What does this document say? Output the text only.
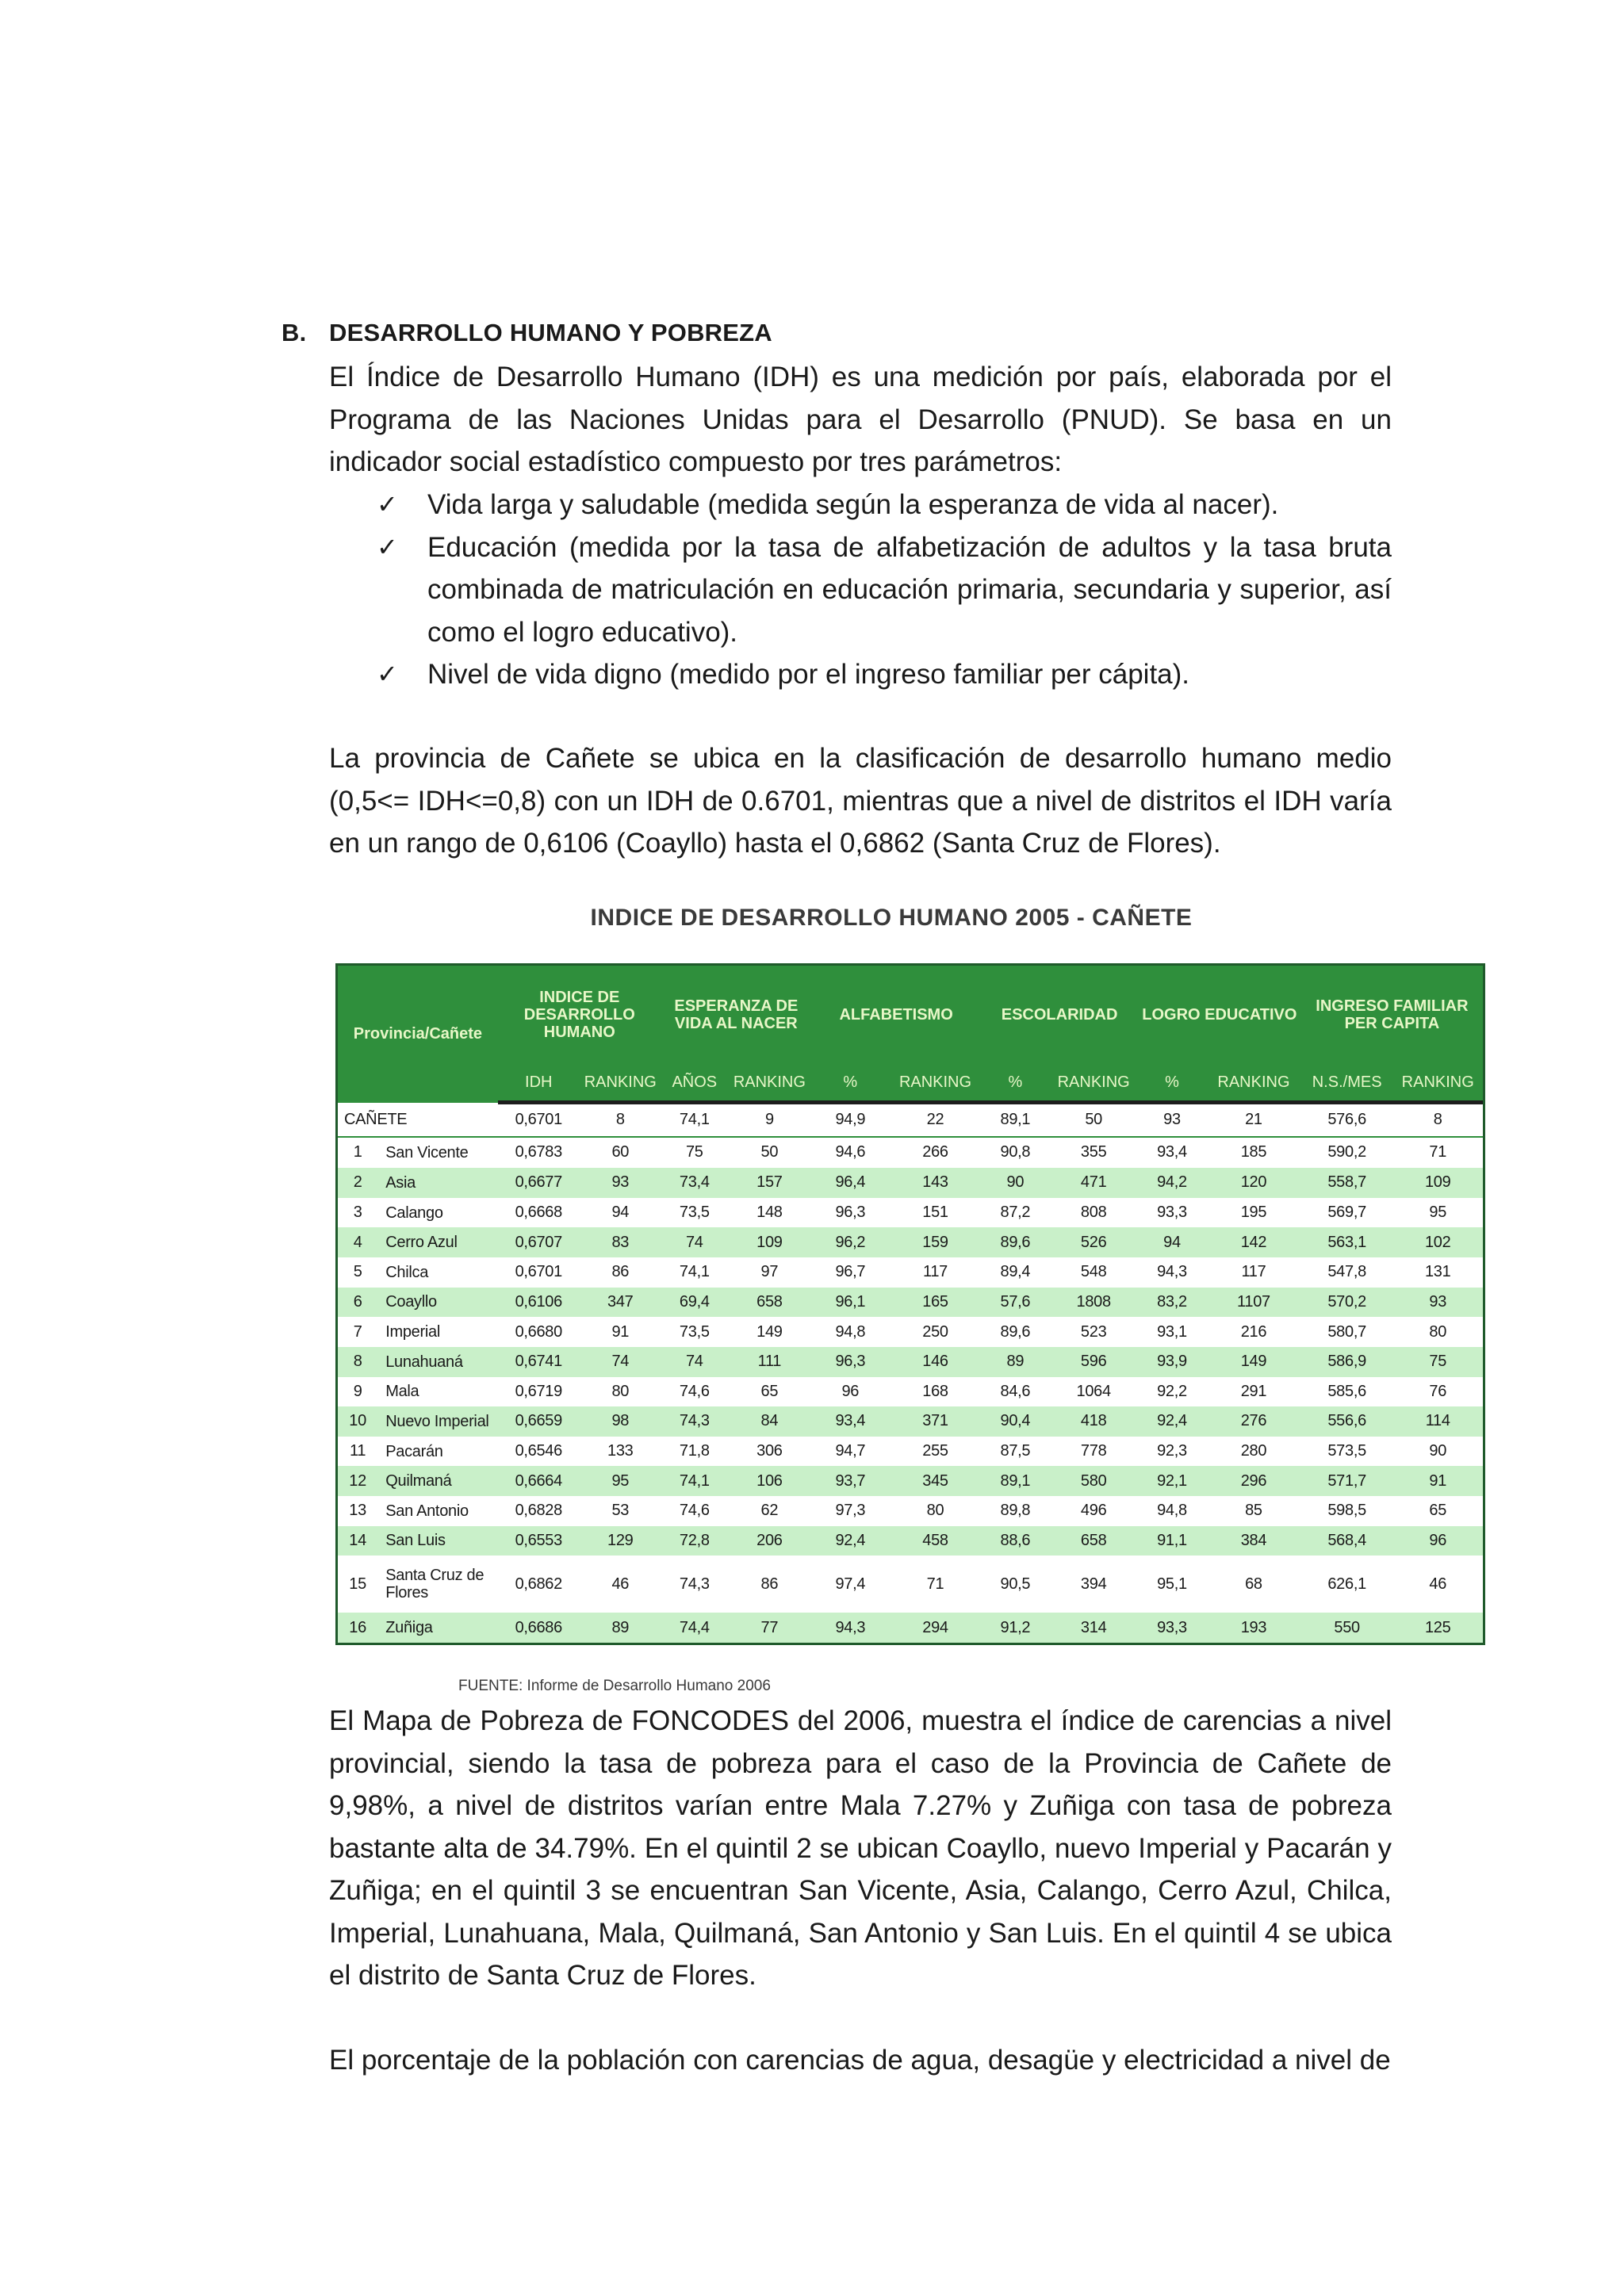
B. DESARROLLO HUMANO Y POBREZA

El Índice de Desarrollo Humano (IDH) es una medición por país, elaborada por el Programa de las Naciones Unidas para el Desarrollo (PNUD). Se basa en un indicador social estadístico compuesto por tres parámetros:

✓ Vida larga y saludable (medida según la esperanza de vida al nacer).
✓ Educación (medida por la tasa de alfabetización de adultos y la tasa bruta combinada de matriculación en educación primaria, secundaria y superior, así como el logro educativo).
✓ Nivel de vida digno (medido por el ingreso familiar per cápita).

La provincia de Cañete se ubica en la clasificación de desarrollo humano medio (0,5<= IDH<=0,8) con un IDH de 0.6701, mientras que a nivel de distritos el IDH varía en un rango de 0,6106 (Coayllo) hasta el 0,6862 (Santa Cruz de Flores).

INDICE DE DESARROLLO HUMANO 2005 - CAÑETE
Provincia/Cañete		INDICE DE DESARROLLO HUMANO		ESPERANZA DE VIDA AL NACER		ALFABETISMO		ESCOLARIDAD		LOGRO EDUCATIVO		INGRESO FAMILIAR PER CAPITA	
		IDH	RANKING	AÑOS	RANKING	%	RANKING	%	RANKING	%	RANKING	N.S./MES	RANKING
CAÑETE		0,6701	8	74,1	9	94,9	22	89,1	50	93	21	576,6	8
1	San Vicente	0,6783	60	75	50	94,6	266	90,8	355	93,4	185	590,2	71
2	Asia	0,6677	93	73,4	157	96,4	143	90	471	94,2	120	558,7	109
3	Calango	0,6668	94	73,5	148	96,3	151	87,2	808	93,3	195	569,7	95
4	Cerro Azul	0,6707	83	74	109	96,2	159	89,6	526	94	142	563,1	102
5	Chilca	0,6701	86	74,1	97	96,7	117	89,4	548	94,3	117	547,8	131
6	Coayllo	0,6106	347	69,4	658	96,1	165	57,6	1808	83,2	1107	570,2	93
7	Imperial	0,6680	91	73,5	149	94,8	250	89,6	523	93,1	216	580,7	80
8	Lunahuaná	0,6741	74	74	111	96,3	146	89	596	93,9	149	586,9	75
9	Mala	0,6719	80	74,6	65	96	168	84,6	1064	92,2	291	585,6	76
10	Nuevo Imperial	0,6659	98	74,3	84	93,4	371	90,4	418	92,4	276	556,6	114
11	Pacarán	0,6546	133	71,8	306	94,7	255	87,5	778	92,3	280	573,5	90
12	Quilmaná	0,6664	95	74,1	106	93,7	345	89,1	580	92,1	296	571,7	91
13	San Antonio	0,6828	53	74,6	62	97,3	80	89,8	496	94,8	85	598,5	65
14	San Luis	0,6553	129	72,8	206	92,4	458	88,6	658	91,1	384	568,4	96
15	Santa Cruz de Flores	0,6862	46	74,3	86	97,4	71	90,5	394	95,1	68	626,1	46
16	Zuñiga	0,6686	89	74,4	77	94,3	294	91,2	314	93,3	193	550	125
FUENTE: Informe de Desarrollo Humano 2006

El Mapa de Pobreza de FONCODES del 2006, muestra el índice de carencias a nivel provincial, siendo la tasa de pobreza para el caso de la Provincia de Cañete de 9,98%, a nivel de distritos varían entre Mala 7.27% y Zuñiga con tasa de pobreza bastante alta de 34.79%. En el quintil 2 se ubican Coayllo, nuevo Imperial y Pacarán y Zuñiga; en el quintil 3 se encuentran San Vicente, Asia, Calango, Cerro Azul, Chilca, Imperial, Lunahuana, Mala, Quilmaná, San Antonio y San Luis. En el quintil 4 se ubica el distrito de Santa Cruz de Flores.

El porcentaje de la población con carencias de agua, desagüe y electricidad a nivel de
